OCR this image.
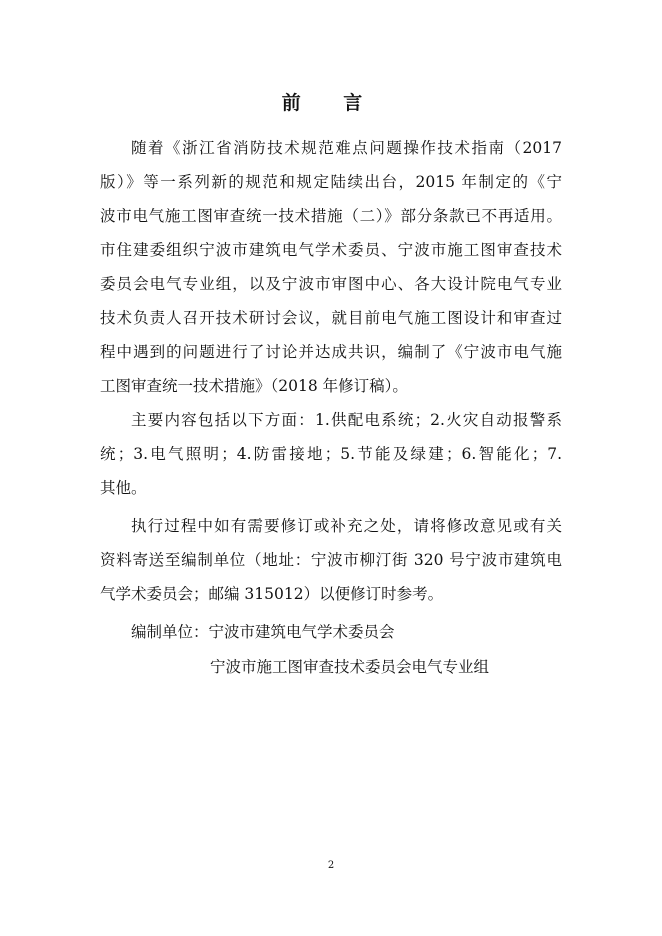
前 言
随着《浙江省消防技术规范难点问题操作技术指南（2017
版）》等一系列新的规范和规定陆续出台，2015 年制定的《宁
波市电气施工图审查统一技术措施（二）》部分条款已不再适用。
市住建委组织宁波市建筑电气学术委员、宁波市施工图审查技术
委员会电气专业组，以及宁波市审图中心、各大设计院电气专业
技术负责人召开技术研讨会议，就目前电气施工图设计和审查过
程中遇到的问题进行了讨论并达成共识，编制了《宁波市电气施
工图审查统一技术措施》（2018 年修订稿）。
主要内容包括以下方面：1.供配电系统；2.火灾自动报警系
统；3.电气照明；4.防雷接地；5.节能及绿建；6.智能化；7.
其他。
执行过程中如有需要修订或补充之处，请将修改意见或有关
资料寄送至编制单位（地址：宁波市柳汀街 320 号宁波市建筑电
气学术委员会；邮编 315012）以便修订时参考。
编制单位：宁波市建筑电气学术委员会
宁波市施工图审查技术委员会电气专业组
2
